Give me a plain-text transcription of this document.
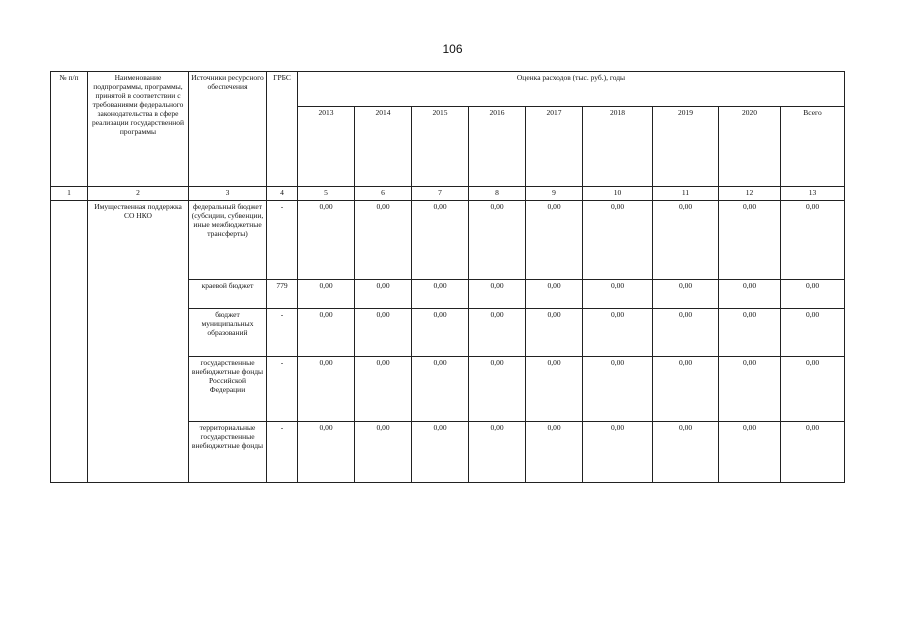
106
№ п/п	Наименование подпрограммы, программы, принятой в соответствии с требованиями федерального законодательства в сфере реализации государственной программы	Источники ресурсного обеспечения	ГРБС	Оценка расходов (тыс. руб.), годы								
				2013	2014	2015	2016	2017	2018	2019	2020	Всего
1	2	3	4	5	6	7	8	9	10	11	12	13
	Имущественная поддержка СО НКО	федеральный бюджет (субсидии, субвенции, иные межбюджетные трансферты)	-	0,00	0,00	0,00	0,00	0,00	0,00	0,00	0,00	0,00
		краевой бюджет	779	0,00	0,00	0,00	0,00	0,00	0,00	0,00	0,00	0,00
		бюджет муниципальных образований	-	0,00	0,00	0,00	0,00	0,00	0,00	0,00	0,00	0,00
		государственные внебюджетные фонды Российской Федерации	-	0,00	0,00	0,00	0,00	0,00	0,00	0,00	0,00	0,00
		территориальные государственные внебюджетные фонды	-	0,00	0,00	0,00	0,00	0,00	0,00	0,00	0,00	0,00
